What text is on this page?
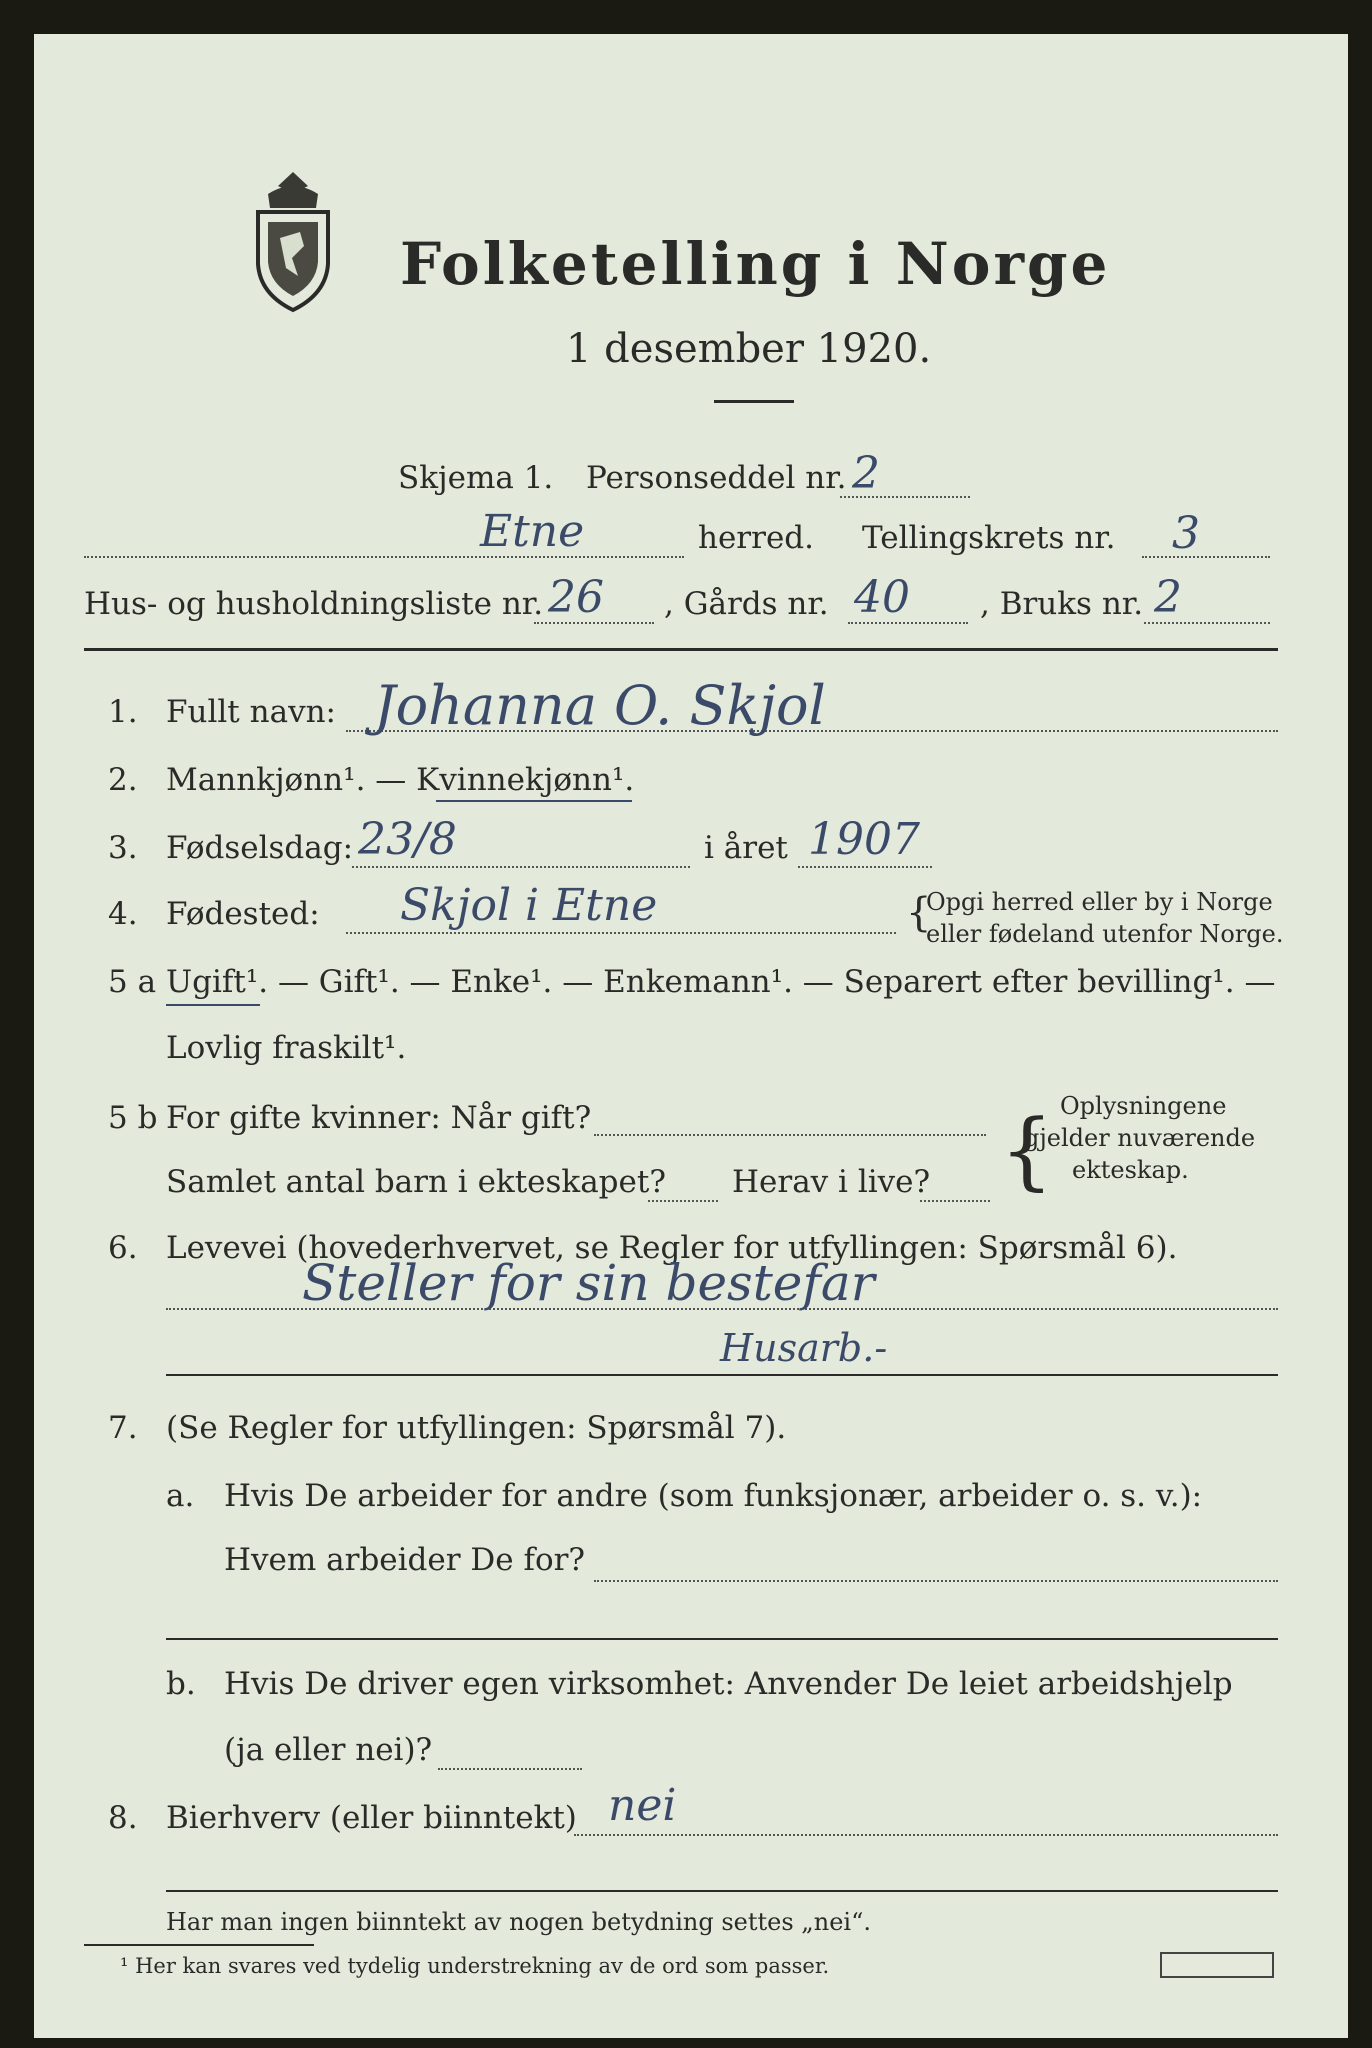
Folketelling i Norge
1 desember 1920.
Skjema 1. Personseddel nr. 2
Etne	herred. Tellingskrets nr. 3
Hus- og husholdningsliste nr. 26 , Gårds nr. 40 , Bruks nr. 2
1. Fullt navn: Johanna O. Skjol
2. Mannkjønn¹. — Kvinnekjønn¹.
3. Fødselsdag: 23/8	i året 1907
4. Fødested: Skjol i Etne	{
Opgi herred eller by i Norge
eller fødeland utenfor Norge.
5 a Ugift¹. — Gift¹. — Enke¹. — Enkemann¹. — Separert efter bevilling¹. —
Lovlig fraskilt¹.
5 b For gifte kvinner: Når gift?
Samlet antal barn i ekteskapet? Herav i live? { Oplysningene
gjelder nuværende
ekteskap.
6. Levevei (hovederhvervet, se Regler for utfyllingen: Spørsmål 6).
Steller for sin bestefar
Husarb.-
7. (Se Regler for utfyllingen: Spørsmål 7).
a. Hvis De arbeider for andre (som funksjonær, arbeider o. s. v.):
Hvem arbeider De for?
b. Hvis De driver egen virksomhet: Anvender De leiet arbeidshjelp
(ja eller nei)?
8. Bierhverv (eller biinntekt) nei
Har man ingen biinntekt av nogen betydning settes „nei“.
¹ Her kan svares ved tydelig understrekning av de ord som passer.
